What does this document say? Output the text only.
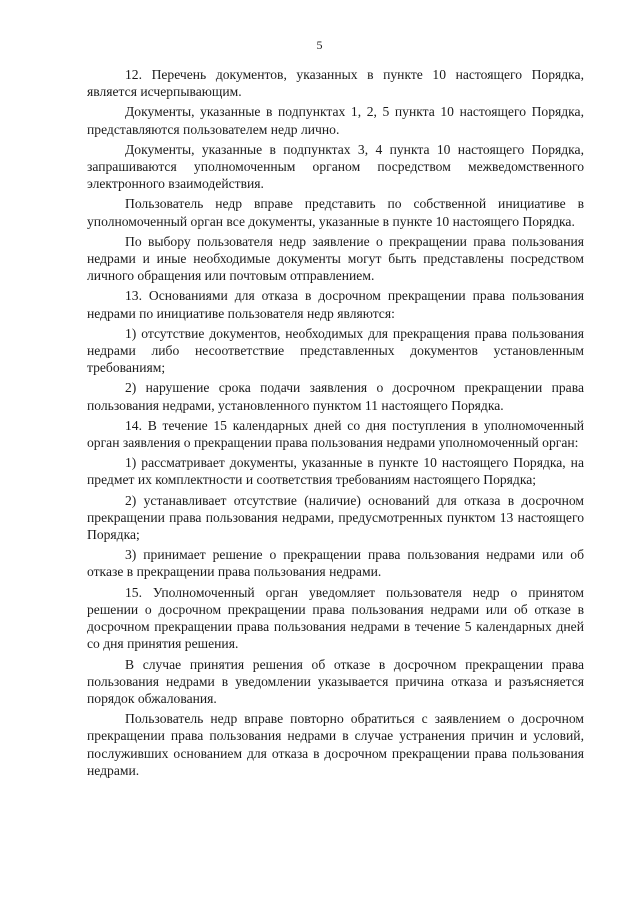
5

12. Перечень документов, указанных в пункте 10 настоящего Порядка, является исчерпывающим.

Документы, указанные в подпунктах 1, 2, 5 пункта 10 настоящего Порядка, представляются пользователем недр лично.

Документы, указанные в подпунктах 3, 4 пункта 10 настоящего Порядка, запрашиваются уполномоченным органом посредством межведомственного электронного взаимодействия.

Пользователь недр вправе представить по собственной инициативе в уполномоченный орган все документы, указанные в пункте 10 настоящего Порядка.

По выбору пользователя недр заявление о прекращении права пользования недрами и иные необходимые документы могут быть представлены посредством личного обращения или почтовым отправлением.

13. Основаниями для отказа в досрочном прекращении права пользования недрами по инициативе пользователя недр являются:

1) отсутствие документов, необходимых для прекращения права пользования недрами либо несоответствие представленных документов установленным требованиям;

2) нарушение срока подачи заявления о досрочном прекращении права пользования недрами, установленного пунктом 11 настоящего Порядка.

14. В течение 15 календарных дней со дня поступления в уполномоченный орган заявления о прекращении права пользования недрами уполномоченный орган:

1) рассматривает документы, указанные в пункте 10 настоящего Порядка, на предмет их комплектности и соответствия требованиям настоящего Порядка;

2) устанавливает отсутствие (наличие) оснований для отказа в досрочном прекращении права пользования недрами, предусмотренных пунктом 13 настоящего Порядка;

3) принимает решение о прекращении права пользования недрами или об отказе в прекращении права пользования недрами.

15. Уполномоченный орган уведомляет пользователя недр о принятом решении о досрочном прекращении права пользования недрами или об отказе в досрочном прекращении права пользования недрами в течение 5 календарных дней со дня принятия решения.

В случае принятия решения об отказе в досрочном прекращении права пользования недрами в уведомлении указывается причина отказа и разъясняется порядок обжалования.

Пользователь недр вправе повторно обратиться с заявлением о досрочном прекращении права пользования недрами в случае устранения причин и условий, послуживших основанием для отказа в досрочном прекращении права пользования недрами.
